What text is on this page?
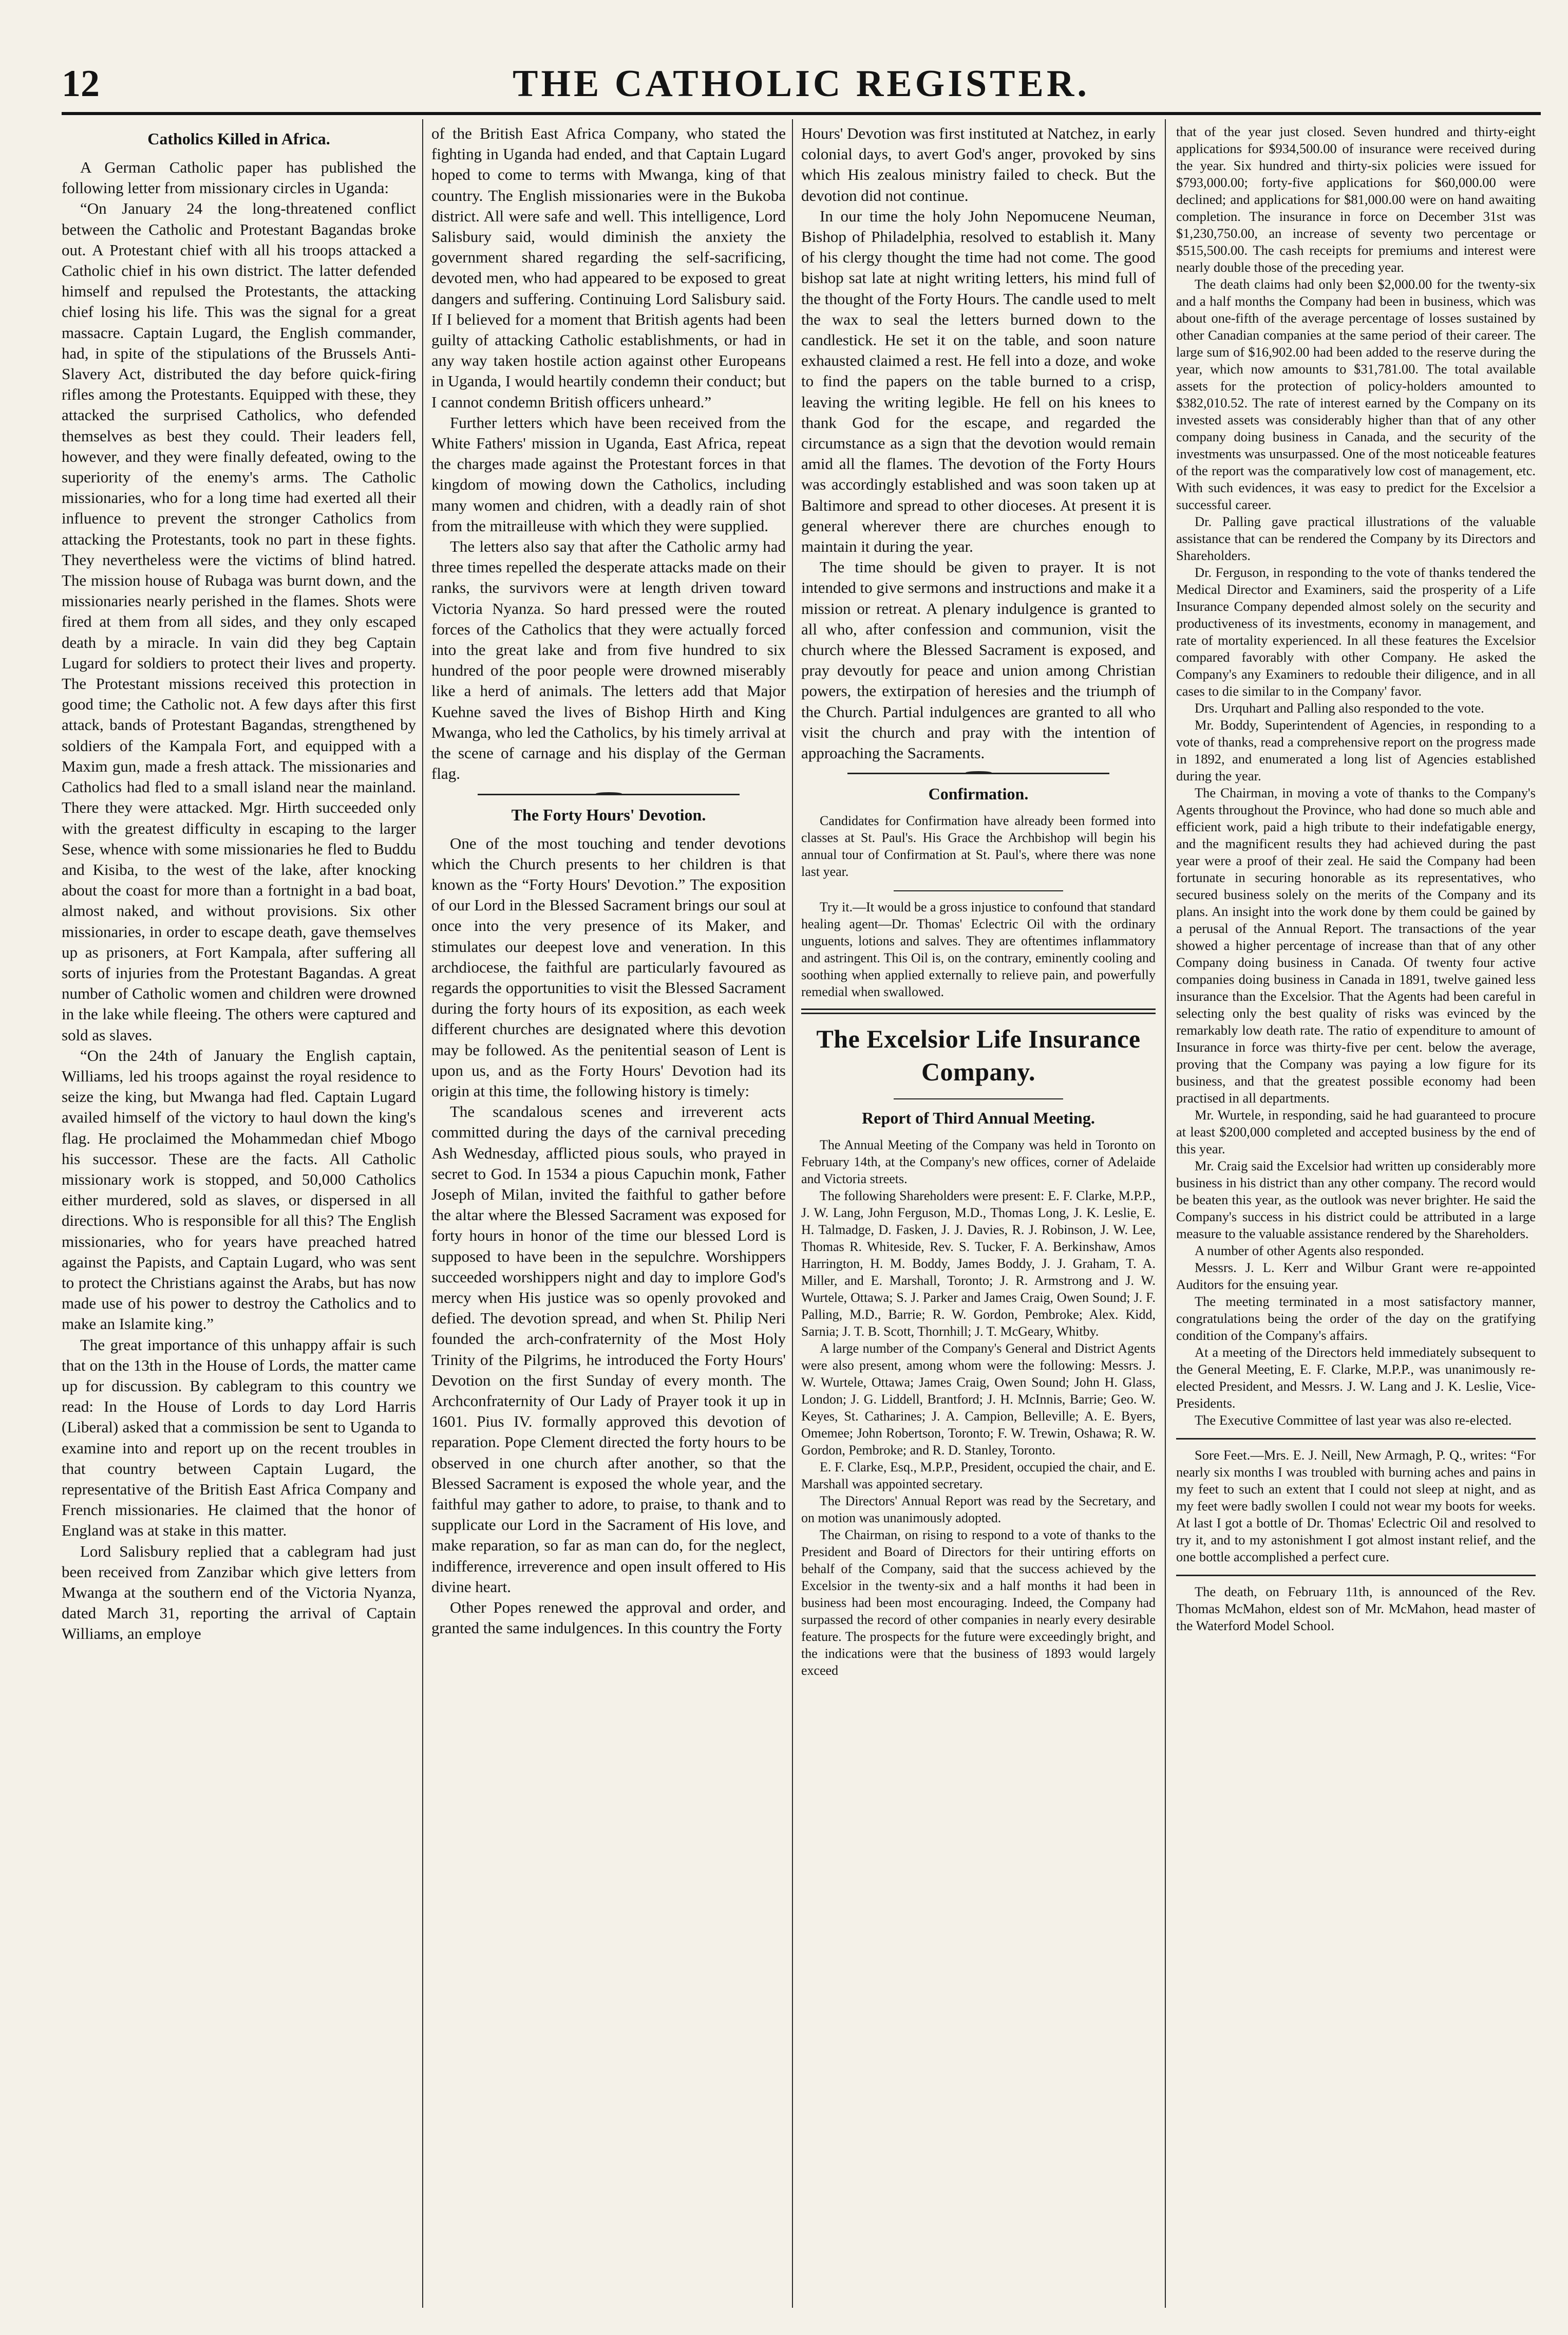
12	THE CATHOLIC REGISTER.
Catholics Killed in Africa.

A German Catholic paper has published the following letter from missionary circles in Uganda:

“On January 24 the long-threatened conflict between the Catholic and Protestant Bagandas broke out. A Protestant chief with all his troops attacked a Catholic chief in his own district. The latter defended himself and repulsed the Protestants, the attacking chief losing his life. This was the signal for a great massacre. Captain Lugard, the English commander, had, in spite of the stipulations of the Brussels Anti-Slavery Act, distributed the day before quick-firing rifles among the Protestants. Equipped with these, they attacked the surprised Catholics, who defended themselves as best they could. Their leaders fell, however, and they were finally defeated, owing to the superiority of the enemy's arms. The Catholic missionaries, who for a long time had exerted all their influence to prevent the stronger Catholics from attacking the Protestants, took no part in these fights. They nevertheless were the victims of blind hatred. The mission house of Rubaga was burnt down, and the missionaries nearly perished in the flames. Shots were fired at them from all sides, and they only escaped death by a miracle. In vain did they beg Captain Lugard for soldiers to protect their lives and property. The Protestant missions received this protection in good time; the Catholic not. A few days after this first attack, bands of Protestant Bagandas, strengthened by soldiers of the Kampala Fort, and equipped with a Maxim gun, made a fresh attack. The missionaries and Catholics had fled to a small island near the mainland. There they were attacked. Mgr. Hirth succeeded only with the greatest difficulty in escaping to the larger Sese, whence with some missionaries he fled to Buddu and Kisiba, to the west of the lake, after knocking about the coast for more than a fortnight in a bad boat, almost naked, and without provisions. Six other missionaries, in order to escape death, gave themselves up as prisoners, at Fort Kampala, after suffering all sorts of injuries from the Protestant Bagandas. A great number of Catholic women and children were drowned in the lake while fleeing. The others were captured and sold as slaves.

“On the 24th of January the English captain, Williams, led his troops against the royal residence to seize the king, but Mwanga had fled. Captain Lugard availed himself of the victory to haul down the king's flag. He proclaimed the Mohammedan chief Mbogo his successor. These are the facts. All Catholic missionary work is stopped, and 50,000 Catholics either murdered, sold as slaves, or dispersed in all directions. Who is responsible for all this? The English missionaries, who for years have preached hatred against the Papists, and Captain Lugard, who was sent to protect the Christians against the Arabs, but has now made use of his power to destroy the Catholics and to make an Islamite king.”

The great importance of this unhappy affair is such that on the 13th in the House of Lords, the matter came up for discussion. By cablegram to this country we read: In the House of Lords to day Lord Harris (Liberal) asked that a commission be sent to Uganda to examine into and report up on the recent troubles in that country between Captain Lugard, the representative of the British East Africa Company and French missionaries. He claimed that the honor of England was at stake in this matter.

Lord Salisbury replied that a cablegram had just been received from Zanzibar which give letters from Mwanga at the southern end of the Victoria Nyanza, dated March 31, reporting the arrival of Captain Williams, an employe

of the British East Africa Company, who stated the fighting in Uganda had ended, and that Captain Lugard hoped to come to terms with Mwanga, king of that country. The English missionaries were in the Bukoba district. All were safe and well. This intelligence, Lord Salisbury said, would diminish the anxiety the government shared regarding the self-sacrificing, devoted men, who had appeared to be exposed to great dangers and suffering. Continuing Lord Salisbury said. If I believed for a moment that British agents had been guilty of attacking Catholic establishments, or had in any way taken hostile action against other Europeans in Uganda, I would heartily condemn their conduct; but I cannot condemn British officers unheard.”

Further letters which have been received from the White Fathers' mission in Uganda, East Africa, repeat the charges made against the Protestant forces in that kingdom of mowing down the Catholics, including many women and chidren, with a deadly rain of shot from the mitrailleuse with which they were supplied.

The letters also say that after the Catholic army had three times repelled the desperate attacks made on their ranks, the survivors were at length driven toward Victoria Nyanza. So hard pressed were the routed forces of the Catholics that they were actually forced into the great lake and from five hundred to six hundred of the poor people were drowned miserably like a herd of animals. The letters add that Major Kuehne saved the lives of Bishop Hirth and King Mwanga, who led the Catholics, by his timely arrival at the scene of carnage and his display of the German flag.

The Forty Hours' Devotion.

One of the most touching and tender devotions which the Church presents to her children is that known as the “Forty Hours' Devotion.” The exposition of our Lord in the Blessed Sacrament brings our soul at once into the very presence of its Maker, and stimulates our deepest love and veneration. In this archdiocese, the faithful are particularly favoured as regards the opportunities to visit the Blessed Sacrament during the forty hours of its exposition, as each week different churches are designated where this devotion may be followed. As the penitential season of Lent is upon us, and as the Forty Hours' Devotion had its origin at this time, the following history is timely:

The scandalous scenes and irreverent acts committed during the days of the carnival preceding Ash Wednesday, afflicted pious souls, who prayed in secret to God. In 1534 a pious Capuchin monk, Father Joseph of Milan, invited the faithful to gather before the altar where the Blessed Sacrament was exposed for forty hours in honor of the time our blessed Lord is supposed to have been in the sepulchre. Worshippers succeeded worshippers night and day to implore God's mercy when His justice was so openly provoked and defied. The devotion spread, and when St. Philip Neri founded the arch-confraternity of the Most Holy Trinity of the Pilgrims, he introduced the Forty Hours' Devotion on the first Sunday of every month. The Archconfraternity of Our Lady of Prayer took it up in 1601. Pius IV. formally approved this devotion of reparation. Pope Clement directed the forty hours to be observed in one church after another, so that the Blessed Sacrament is exposed the whole year, and the faithful may gather to adore, to praise, to thank and to supplicate our Lord in the Sacrament of His love, and make reparation, so far as man can do, for the neglect, indifference, irreverence and open insult offered to His divine heart.

Other Popes renewed the approval and order, and granted the same indulgences. In this country the Forty

Hours' Devotion was first instituted at Natchez, in early colonial days, to avert God's anger, provoked by sins which His zealous ministry failed to check. But the devotion did not continue.

In our time the holy John Nepomucene Neuman, Bishop of Philadelphia, resolved to establish it. Many of his clergy thought the time had not come. The good bishop sat late at night writing letters, his mind full of the thought of the Forty Hours. The candle used to melt the wax to seal the letters burned down to the candlestick. He set it on the table, and soon nature exhausted claimed a rest. He fell into a doze, and woke to find the papers on the table burned to a crisp, leaving the writing legible. He fell on his knees to thank God for the escape, and regarded the circumstance as a sign that the devotion would remain amid all the flames. The devotion of the Forty Hours was accordingly established and was soon taken up at Baltimore and spread to other dioceses. At present it is general wherever there are churches enough to maintain it during the year.

The time should be given to prayer. It is not intended to give sermons and instructions and make it a mission or retreat. A plenary indulgence is granted to all who, after confession and communion, visit the church where the Blessed Sacrament is exposed, and pray devoutly for peace and union among Christian powers, the extirpation of heresies and the triumph of the Church. Partial indulgences are granted to all who visit the church and pray with the intention of approaching the Sacraments.

Confirmation.

Candidates for Confirmation have already been formed into classes at St. Paul's. His Grace the Archbishop will begin his annual tour of Confirmation at St. Paul's, where there was none last year.

Try it.—It would be a gross injustice to confound that standard healing agent—Dr. Thomas' Eclectric Oil with the ordinary unguents, lotions and salves. They are oftentimes inflammatory and astringent. This Oil is, on the contrary, eminently cooling and soothing when applied externally to relieve pain, and powerfully remedial when swallowed.

The Excelsior Life Insurance Company.
Report of Third Annual Meeting.

The Annual Meeting of the Company was held in Toronto on February 14th, at the Company's new offices, corner of Adelaide and Victoria streets.

The following Shareholders were present: E. F. Clarke, M.P.P., J. W. Lang, John Ferguson, M.D., Thomas Long, J. K. Leslie, E. H. Talmadge, D. Fasken, J. J. Davies, R. J. Robinson, J. W. Lee, Thomas R. Whiteside, Rev. S. Tucker, F. A. Berkinshaw, Amos Harrington, H. M. Boddy, James Boddy, J. J. Graham, T. A. Miller, and E. Marshall, Toronto; J. R. Armstrong and J. W. Wurtele, Ottawa; S. J. Parker and James Craig, Owen Sound; J. F. Palling, M.D., Barrie; R. W. Gordon, Pembroke; Alex. Kidd, Sarnia; J. T. B. Scott, Thornhill; J. T. McGeary, Whitby.

A large number of the Company's General and District Agents were also present, among whom were the following: Messrs. J. W. Wurtele, Ottawa; James Craig, Owen Sound; John H. Glass, London; J. G. Liddell, Brantford; J. H. McInnis, Barrie; Geo. W. Keyes, St. Catharines; J. A. Campion, Belleville; A. E. Byers, Omemee; John Robertson, Toronto; F. W. Trewin, Oshawa; R. W. Gordon, Pembroke; and R. D. Stanley, Toronto.

E. F. Clarke, Esq., M.P.P., President, occupied the chair, and E. Marshall was appointed secretary.

The Directors' Annual Report was read by the Secretary, and on motion was unanimously adopted.

The Chairman, on rising to respond to a vote of thanks to the President and Board of Directors for their untiring efforts on behalf of the Company, said that the success achieved by the Excelsior in the twenty-six and a half months it had been in business had been most encouraging. Indeed, the Company had surpassed the record of other companies in nearly every desirable feature. The prospects for the future were exceedingly bright, and the indications were that the business of 1893 would largely exceed

that of the year just closed. Seven hundred and thirty-eight applications for $934,500.00 of insurance were received during the year. Six hundred and thirty-six policies were issued for $793,000.00; forty-five applications for $60,000.00 were declined; and applications for $81,000.00 were on hand awaiting completion. The insurance in force on December 31st was $1,230,750.00, an increase of seventy two percentage or $515,500.00. The cash receipts for premiums and interest were nearly double those of the preceding year.

The death claims had only been $2,000.00 for the twenty-six and a half months the Company had been in business, which was about one-fifth of the average percentage of losses sustained by other Canadian companies at the same period of their career. The large sum of $16,902.00 had been added to the reserve during the year, which now amounts to $31,781.00. The total available assets for the protection of policy-holders amounted to $382,010.52. The rate of interest earned by the Company on its invested assets was considerably higher than that of any other company doing business in Canada, and the security of the investments was unsurpassed. One of the most noticeable features of the report was the comparatively low cost of management, etc. With such evidences, it was easy to predict for the Excelsior a successful career.

Dr. Palling gave practical illustrations of the valuable assistance that can be rendered the Company by its Directors and Shareholders.

Dr. Ferguson, in responding to the vote of thanks tendered the Medical Director and Examiners, said the prosperity of a Life Insurance Company depended almost solely on the security and productiveness of its investments, economy in management, and rate of mortality experienced. In all these features the Excelsior compared favorably with other Company. He asked the Company's any Examiners to redouble their diligence, and in all cases to die similar to in the Company' favor.

Drs. Urquhart and Palling also responded to the vote.

Mr. Boddy, Superintendent of Agencies, in responding to a vote of thanks, read a comprehensive report on the progress made in 1892, and enumerated a long list of Agencies established during the year.

The Chairman, in moving a vote of thanks to the Company's Agents throughout the Province, who had done so much able and efficient work, paid a high tribute to their indefatigable energy, and the magnificent results they had achieved during the past year were a proof of their zeal. He said the Company had been fortunate in securing honorable as its representatives, who secured business solely on the merits of the Company and its plans. An insight into the work done by them could be gained by a perusal of the Annual Report. The transactions of the year showed a higher percentage of increase than that of any other Company doing business in Canada. Of twenty four active companies doing business in Canada in 1891, twelve gained less insurance than the Excelsior. That the Agents had been careful in selecting only the best quality of risks was evinced by the remarkably low death rate. The ratio of expenditure to amount of Insurance in force was thirty-five per cent. below the average, proving that the Company was paying a low figure for its business, and that the greatest possible economy had been practised in all departments.

Mr. Wurtele, in responding, said he had guaranteed to procure at least $200,000 completed and accepted business by the end of this year.

Mr. Craig said the Excelsior had written up considerably more business in his district than any other company. The record would be beaten this year, as the outlook was never brighter. He said the Company's success in his district could be attributed in a large measure to the valuable assistance rendered by the Shareholders.

A number of other Agents also responded.

Messrs. J. L. Kerr and Wilbur Grant were re-appointed Auditors for the ensuing year.

The meeting terminated in a most satisfactory manner, congratulations being the order of the day on the gratifying condition of the Company's affairs.

At a meeting of the Directors held immediately subsequent to the General Meeting, E. F. Clarke, M.P.P., was unanimously re-elected President, and Messrs. J. W. Lang and J. K. Leslie, Vice-Presidents.

The Executive Committee of last year was also re-elected.

Sore Feet.—Mrs. E. J. Neill, New Armagh, P. Q., writes: “For nearly six months I was troubled with burning aches and pains in my feet to such an extent that I could not sleep at night, and as my feet were badly swollen I could not wear my boots for weeks. At last I got a bottle of Dr. Thomas' Eclectric Oil and resolved to try it, and to my astonishment I got almost instant relief, and the one bottle accomplished a perfect cure.

The death, on February 11th, is announced of the Rev. Thomas McMahon, eldest son of Mr. McMahon, head master of the Waterford Model School.
